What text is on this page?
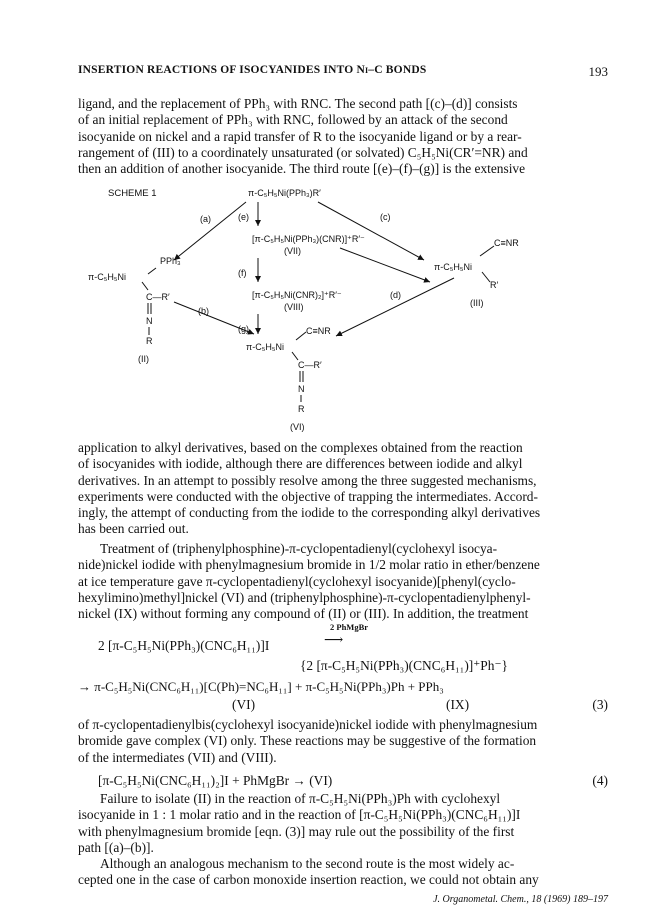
INSERTION REACTIONS OF ISOCYANIDES INTO Ni–C BONDS	193
ligand, and the replacement of PPh₃ with RNC. The second path [(c)–(d)] consists
of an initial replacement of PPh₃ with RNC, followed by an attack of the second
isocyanide on nickel and a rapid transfer of R to the isocyanide ligand or by a rear-
rangement of (III) to a coordinately unsaturated (or solvated) C₅H₅Ni(CR′=NR) and
then an addition of another isocyanide. The third route [(e)–(f)–(g)] is the extensive
SCHEME 1	π-C₅H₅Ni(PPh₃)R′
(a)	(e)	(c)
[π-C₅H₅Ni(PPh₃)(CNR)]⁺R′⁻
(VII)
(f)
[π-C₅H₅Ni(CNR)₂]⁺R′⁻
(VIII)
PPh₃
π-C₅H₅Ni
C—R′
N
R
(II)
(b)
(g)
C≡NR
π-C₅H₅Ni
R′
(III)
(d)
C≡NR
π-C₅H₅Ni
C—R′
N
R
(VI)
application to alkyl derivatives, based on the complexes obtained from the reaction
of isocyanides with iodide, although there are differences between iodide and alkyl
derivatives. In an attempt to possibly resolve among the three suggested mechanisms,
experiments were conducted with the objective of trapping the intermediates. Accord-
ingly, the attempt of conducting from the iodide to the corresponding alkyl derivatives
has been carried out.
Treatment of (triphenylphosphine)-π-cyclopentadienyl(cyclohexyl isocya-
nide)nickel iodide with phenylmagnesium bromide in 1/2 molar ratio in ether/benzene
at ice temperature gave π-cyclopentadienyl(cyclohexyl isocyanide)[phenyl(cyclo-
hexylimino)methyl]nickel (VI) and (triphenylphosphine)-π-cyclopentadienylphenyl-
nickel (IX) without forming any compound of (II) or (III). In addition, the treatment
2 PhMgBr
2 [π-C₅H₅Ni(PPh₃)(CNC₆H₁₁)]I	⟶
{2 [π-C₅H₅Ni(PPh₃)(CNC₆H₁₁)]⁺Ph⁻}
→ π-C₅H₅Ni(CNC₆H₁₁)[C(Ph)=NC₆H₁₁] + π-C₅H₅Ni(PPh₃)Ph + PPh₃
(VI)	(IX)	(3)
of π-cyclopentadienylbis(cyclohexyl isocyanide)nickel iodide with phenylmagnesium
bromide gave complex (VI) only. These reactions may be suggestive of the formation
of the intermediates (VII) and (VIII).
[π-C₅H₅Ni(CNC₆H₁₁)₂]I + PhMgBr → (VI)	(4)
Failure to isolate (II) in the reaction of π-C₅H₅Ni(PPh₃)Ph with cyclohexyl
isocyanide in 1 : 1 molar ratio and in the reaction of [π-C₅H₅Ni(PPh₃)(CNC₆H₁₁)]I
with phenylmagnesium bromide [eqn. (3)] may rule out the possibility of the first
path [(a)–(b)].
J. Organometal. Chem., 18 (1969) 189–197
Although an analogous mechanism to the second route is the most widely ac-
cepted one in the case of carbon monoxide insertion reaction, we could not obtain any
